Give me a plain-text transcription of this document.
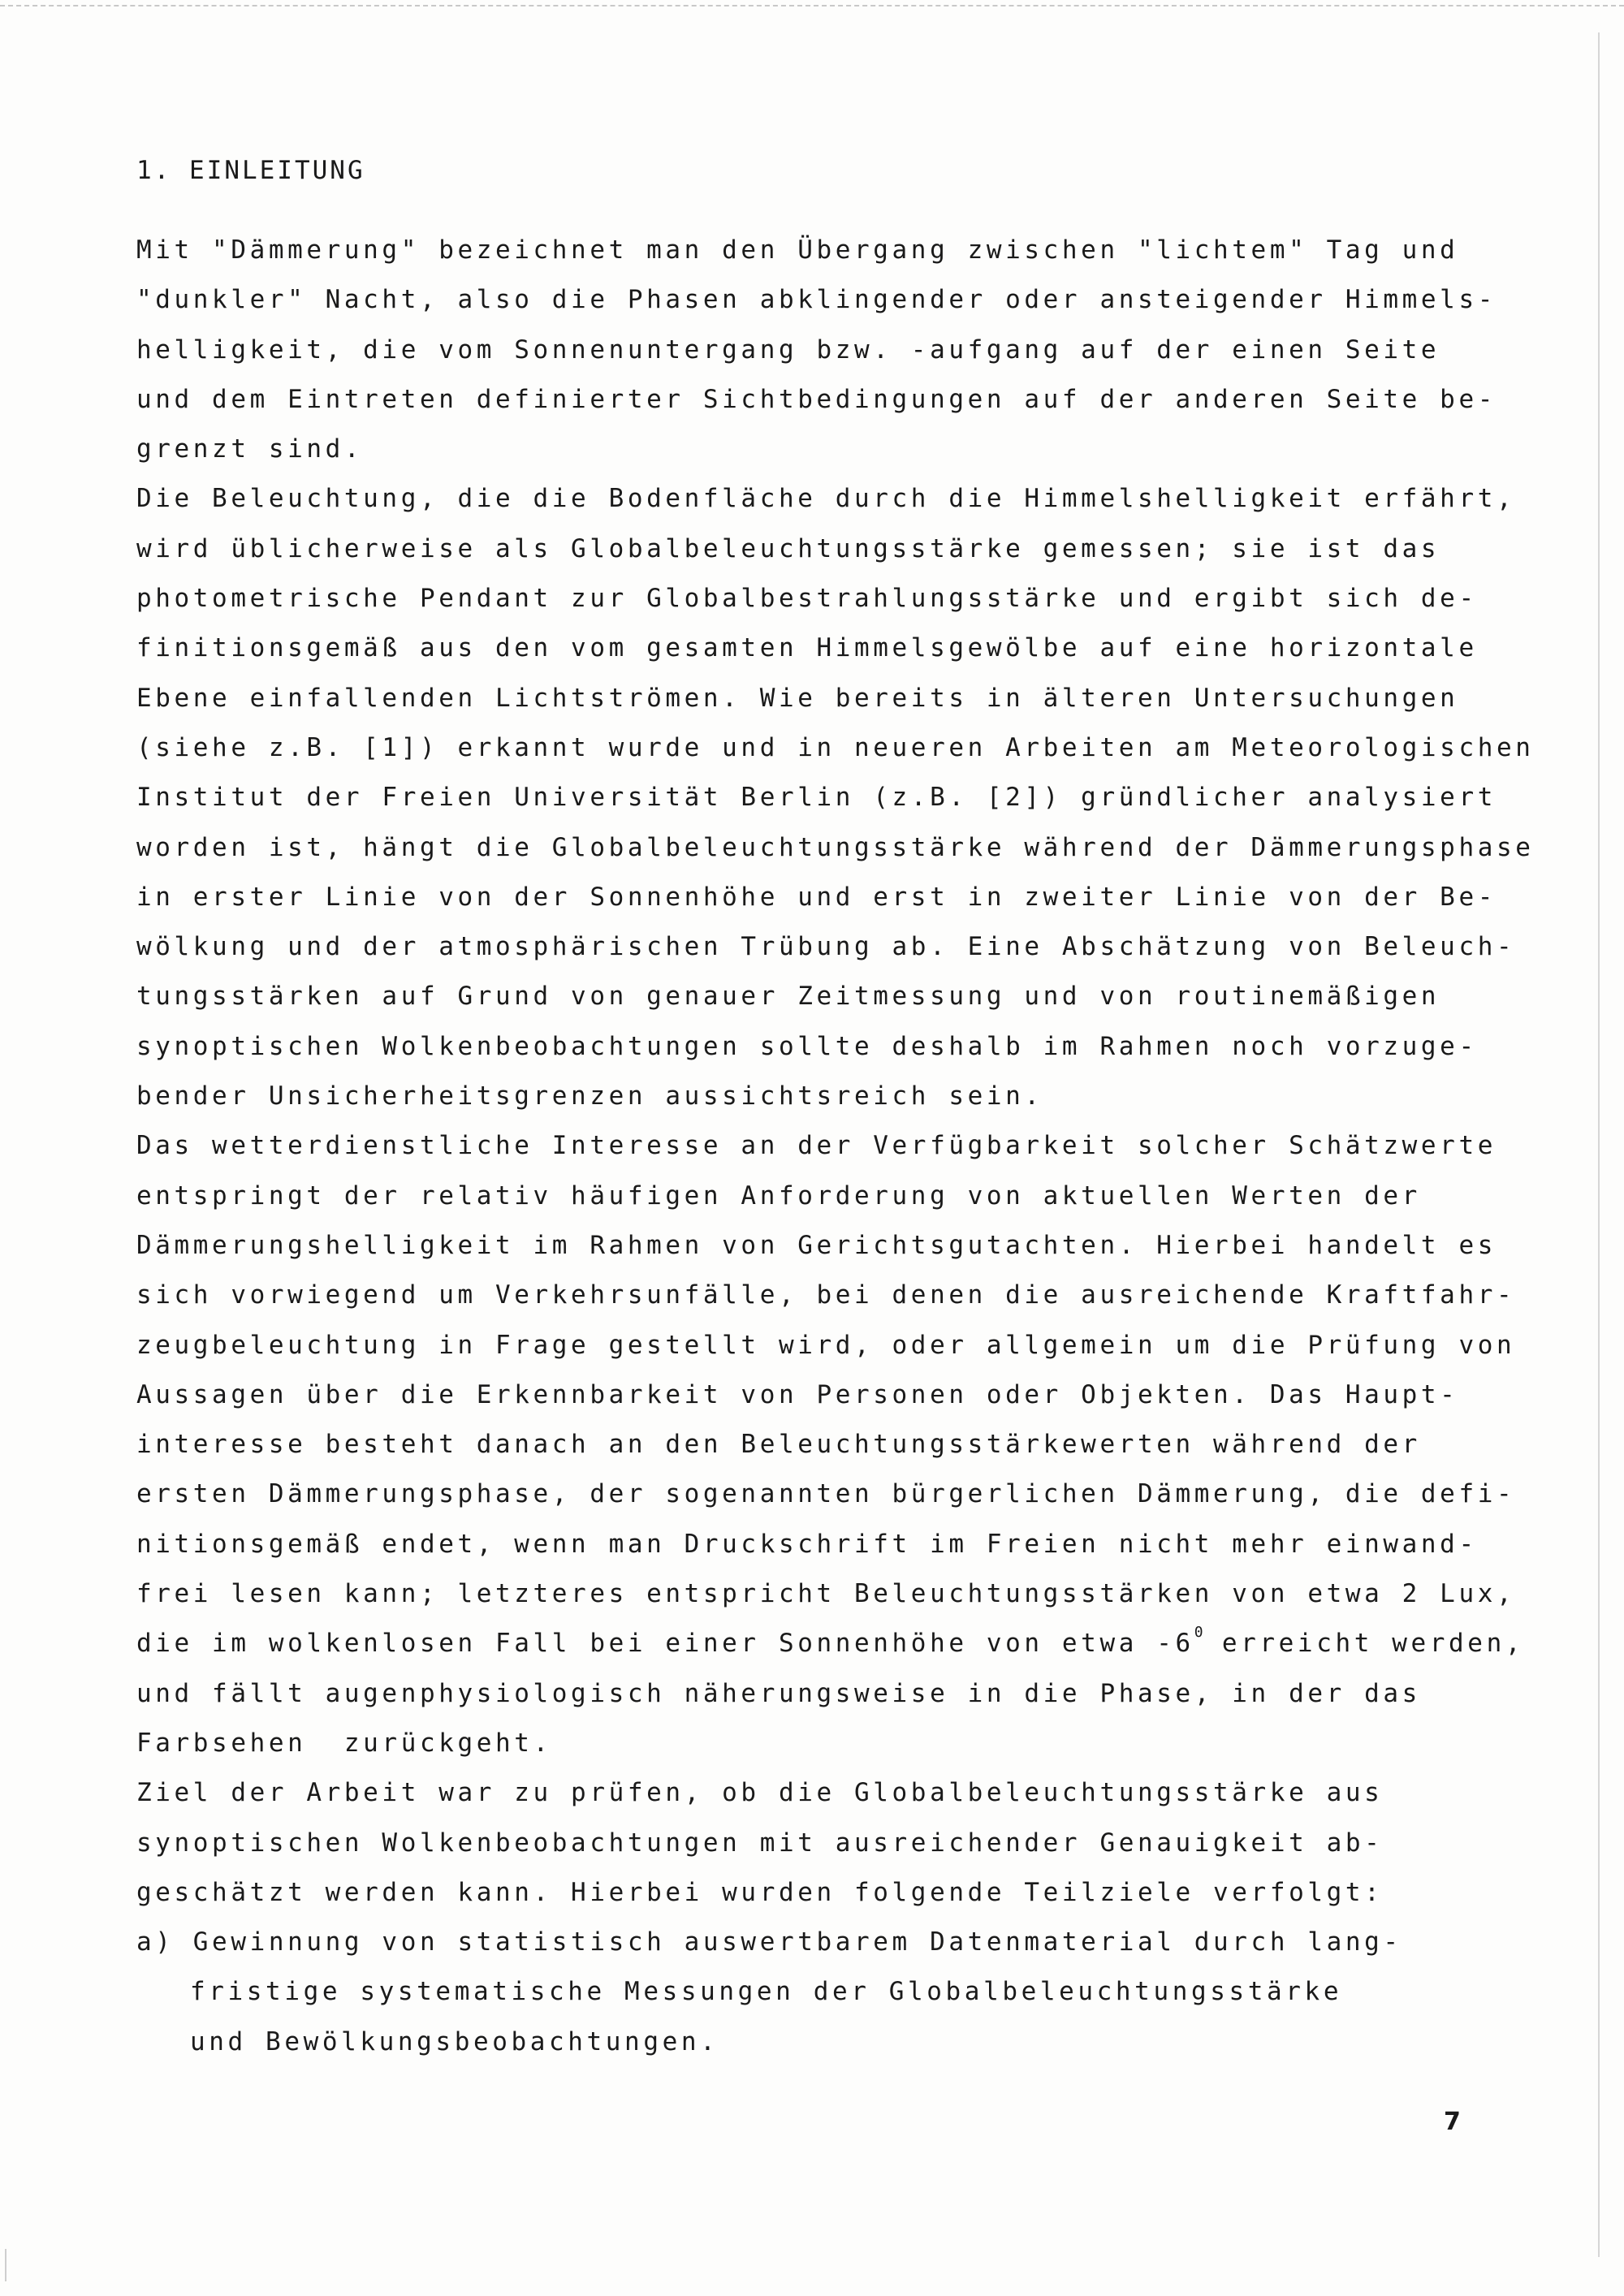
1. EINLEITUNG
Mit "Dämmerung" bezeichnet man den Übergang zwischen "lichtem" Tag und
"dunkler" Nacht, also die Phasen abklingender oder ansteigender Himmels-
helligkeit, die vom Sonnenuntergang bzw. -aufgang auf der einen Seite
und dem Eintreten definierter Sichtbedingungen auf der anderen Seite be-
grenzt sind.
Die Beleuchtung, die die Bodenfläche durch die Himmelshelligkeit erfährt,
wird üblicherweise als Globalbeleuchtungsstärke gemessen; sie ist das
photometrische Pendant zur Globalbestrahlungsstärke und ergibt sich de-
finitionsgemäß aus den vom gesamten Himmelsgewölbe auf eine horizontale
Ebene einfallenden Lichtströmen. Wie bereits in älteren Untersuchungen
(siehe z.B. [1]) erkannt wurde und in neueren Arbeiten am Meteorologischen
Institut der Freien Universität Berlin (z.B. [2]) gründlicher analysiert
worden ist, hängt die Globalbeleuchtungsstärke während der Dämmerungsphase
in erster Linie von der Sonnenhöhe und erst in zweiter Linie von der Be-
wölkung und der atmosphärischen Trübung ab. Eine Abschätzung von Beleuch-
tungsstärken auf Grund von genauer Zeitmessung und von routinemäßigen
synoptischen Wolkenbeobachtungen sollte deshalb im Rahmen noch vorzuge-
bender Unsicherheitsgrenzen aussichtsreich sein.
Das wetterdienstliche Interesse an der Verfügbarkeit solcher Schätzwerte
entspringt der relativ häufigen Anforderung von aktuellen Werten der
Dämmerungshelligkeit im Rahmen von Gerichtsgutachten. Hierbei handelt es
sich vorwiegend um Verkehrsunfälle, bei denen die ausreichende Kraftfahr-
zeugbeleuchtung in Frage gestellt wird, oder allgemein um die Prüfung von
Aussagen über die Erkennbarkeit von Personen oder Objekten. Das Haupt-
interesse besteht danach an den Beleuchtungsstärkewerten während der
ersten Dämmerungsphase, der sogenannten bürgerlichen Dämmerung, die defi-
nitionsgemäß endet, wenn man Druckschrift im Freien nicht mehr einwand-
frei lesen kann; letzteres entspricht Beleuchtungsstärken von etwa 2 Lux,
die im wolkenlosen Fall bei einer Sonnenhöhe von etwa $-6^0$ erreicht werden,
und fällt augenphysiologisch näherungsweise in die Phase, in der das
Farbsehen  zurückgeht.
Ziel der Arbeit war zu prüfen, ob die Globalbeleuchtungsstärke aus
synoptischen Wolkenbeobachtungen mit ausreichender Genauigkeit ab-
geschätzt werden kann. Hierbei wurden folgende Teilziele verfolgt:
a) Gewinnung von statistisch auswertbarem Datenmaterial durch lang-
fristige systematische Messungen der Globalbeleuchtungsstärke
und Bewölkungsbeobachtungen.
7
